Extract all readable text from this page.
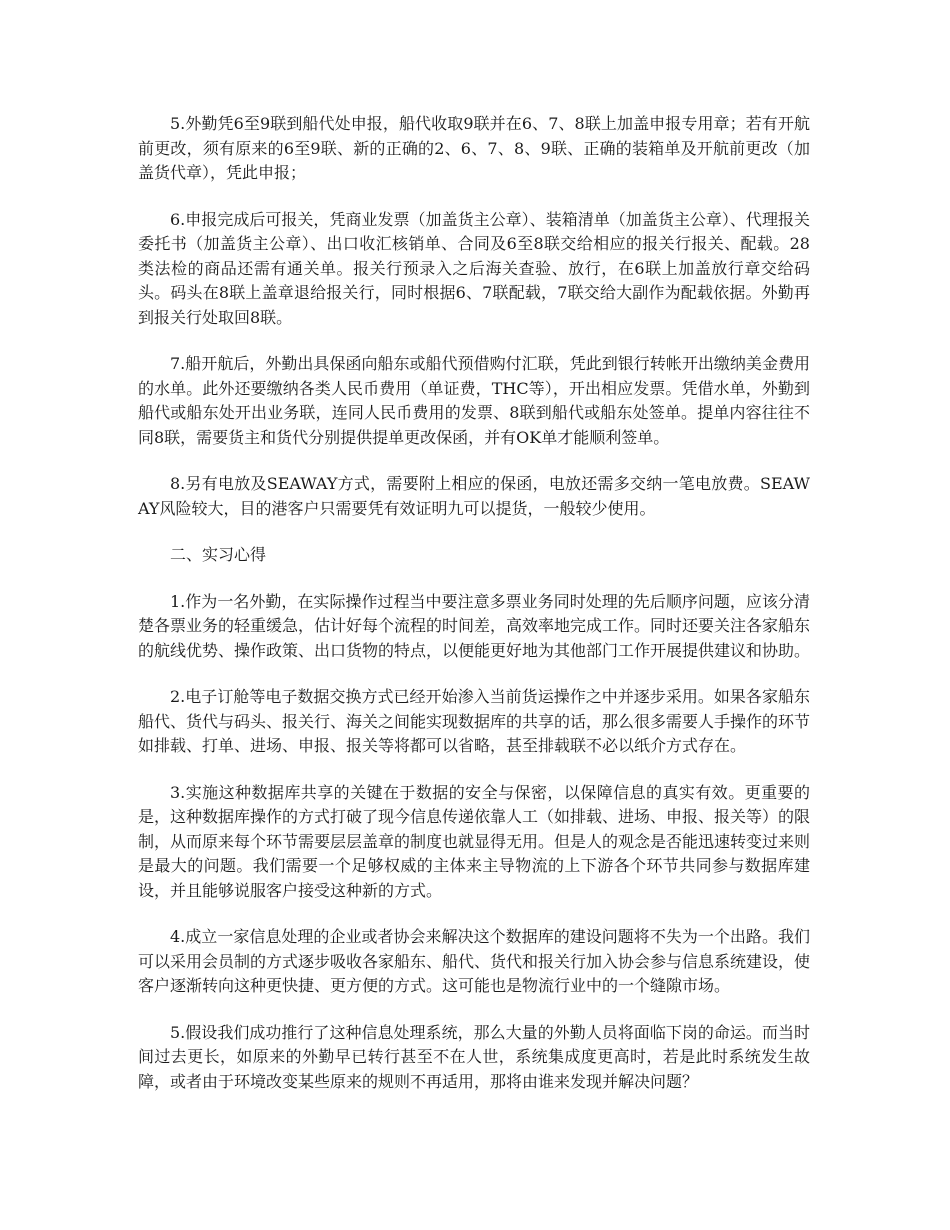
5.外勤凭6至9联到船代处申报，船代收取9联并在6、7、8联上加盖申报专用章；若有开航前更改，须有原来的6至9联、新的正确的2、6、7、8、9联、正确的装箱单及开航前更改（加盖货代章），凭此申报；

6.申报完成后可报关，凭商业发票（加盖货主公章）、装箱清单（加盖货主公章）、代理报关委托书（加盖货主公章）、出口收汇核销单、合同及6至8联交给相应的报关行报关、配载。28类法检的商品还需有通关单。报关行预录入之后海关查验、放行，在6联上加盖放行章交给码头。码头在8联上盖章退给报关行，同时根据6、7联配载，7联交给大副作为配载依据。外勤再到报关行处取回8联。

7.船开航后，外勤出具保函向船东或船代预借购付汇联，凭此到银行转帐开出缴纳美金费用的水单。此外还要缴纳各类人民币费用（单证费，THC等），开出相应发票。凭借水单，外勤到船代或船东处开出业务联，连同人民币费用的发票、8联到船代或船东处签单。提单内容往往不同8联，需要货主和货代分别提供提单更改保函，并有OK单才能顺利签单。

8.另有电放及SEAWAY方式，需要附上相应的保函，电放还需多交纳一笔电放费。SEAWAY风险较大，目的港客户只需要凭有效证明九可以提货，一般较少使用。

二、实习心得

1.作为一名外勤，在实际操作过程当中要注意多票业务同时处理的先后顺序问题，应该分清楚各票业务的轻重缓急，估计好每个流程的时间差，高效率地完成工作。同时还要关注各家船东的航线优势、操作政策、出口货物的特点，以便能更好地为其他部门工作开展提供建议和协助。

2.电子订舱等电子数据交换方式已经开始渗入当前货运操作之中并逐步采用。如果各家船东船代、货代与码头、报关行、海关之间能实现数据库的共享的话，那么很多需要人手操作的环节如排载、打单、进场、申报、报关等将都可以省略，甚至排载联不必以纸介方式存在。

3.实施这种数据库共享的关键在于数据的安全与保密，以保障信息的真实有效。更重要的是，这种数据库操作的方式打破了现今信息传递依靠人工（如排载、进场、申报、报关等）的限制，从而原来每个环节需要层层盖章的制度也就显得无用。但是人的观念是否能迅速转变过来则是最大的问题。我们需要一个足够权威的主体来主导物流的上下游各个环节共同参与数据库建设，并且能够说服客户接受这种新的方式。

4.成立一家信息处理的企业或者协会来解决这个数据库的建设问题将不失为一个出路。我们可以采用会员制的方式逐步吸收各家船东、船代、货代和报关行加入协会参与信息系统建设，使客户逐渐转向这种更快捷、更方便的方式。这可能也是物流行业中的一个缝隙市场。

5.假设我们成功推行了这种信息处理系统，那么大量的外勤人员将面临下岗的命运。而当时间过去更长，如原来的外勤早已转行甚至不在人世，系统集成度更高时，若是此时系统发生故障，或者由于环境改变某些原来的规则不再适用，那将由谁来发现并解决问题？
